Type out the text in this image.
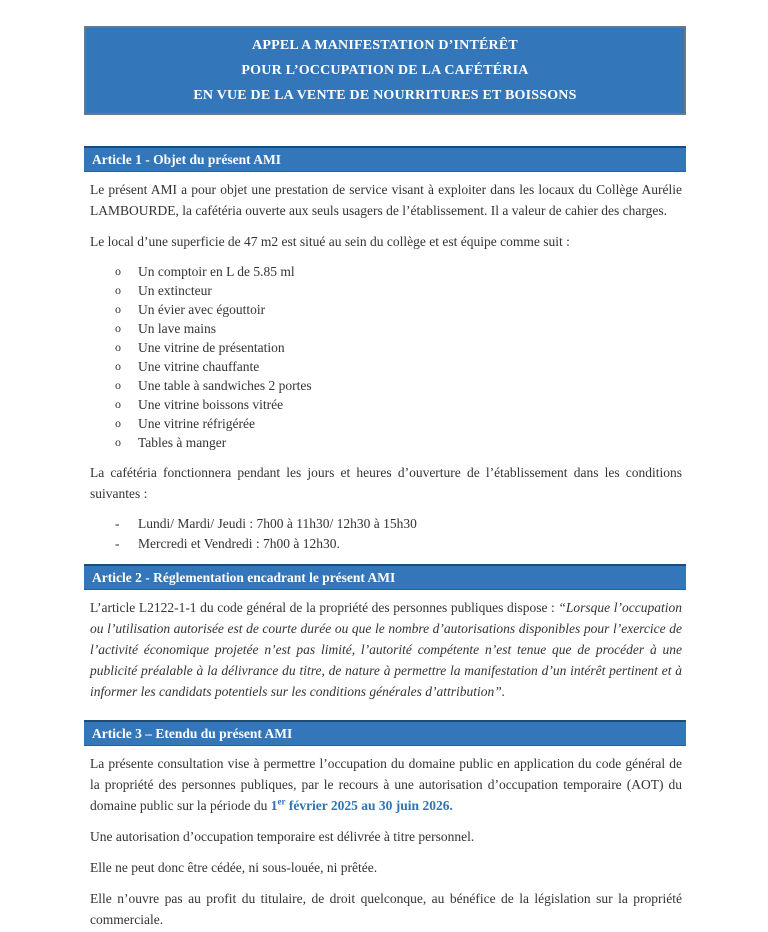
APPEL A MANIFESTATION D’INTÉRÊT
POUR L’OCCUPATION DE LA CAFÉTÉRIA
EN VUE DE LA VENTE DE NOURRITURES ET BOISSONS
Article 1 - Objet du présent AMI

Le présent AMI a pour objet une prestation de service visant à exploiter dans les locaux du Collège Aurélie LAMBOURDE, la cafétéria ouverte aux seuls usagers de l’établissement. Il a valeur de cahier des charges.

Le local d’une superficie de 47 m2 est situé au sein du collège et est équipe comme suit :

o	Un comptoir en L de 5.85 ml
o	Un extincteur
o	Un évier avec égouttoir
o	Un lave mains
o	Une vitrine de présentation
o	Une vitrine chauffante
o	Une table à sandwiches 2 portes
o	Une vitrine boissons vitrée
o	Une vitrine réfrigérée
o	Tables à manger

La cafétéria fonctionnera pendant les jours et heures d’ouverture de l’établissement dans les conditions suivantes :

-	Lundi/ Mardi/ Jeudi : 7h00 à 11h30/ 12h30 à 15h30
-	Mercredi et Vendredi : 7h00 à 12h30.
Article 2 - Réglementation encadrant le présent AMI

L’article L2122-1-1 du code général de la propriété des personnes publiques dispose : “Lorsque l’occupation ou l’utilisation autorisée est de courte durée ou que le nombre d’autorisations disponibles pour l’exercice de l’activité économique projetée n’est pas limité, l’autorité compétente n’est tenue que de procéder à une publicité préalable à la délivrance du titre, de nature à permettre la manifestation d’un intérêt pertinent et à informer les candidats potentiels sur les conditions générales d’attribution”.

Article 3 – Etendu du présent AMI

La présente consultation vise à permettre l’occupation du domaine public en application du code général de la propriété des personnes publiques, par le recours à une autorisation d’occupation temporaire (AOT) du domaine public sur la période du 1er février 2025 au 30 juin 2026.

Une autorisation d’occupation temporaire est délivrée à titre personnel.

Elle ne peut donc être cédée, ni sous-louée, ni prêtée.

Elle n’ouvre pas au profit du titulaire, de droit quelconque, au bénéfice de la législation sur la propriété commerciale.
